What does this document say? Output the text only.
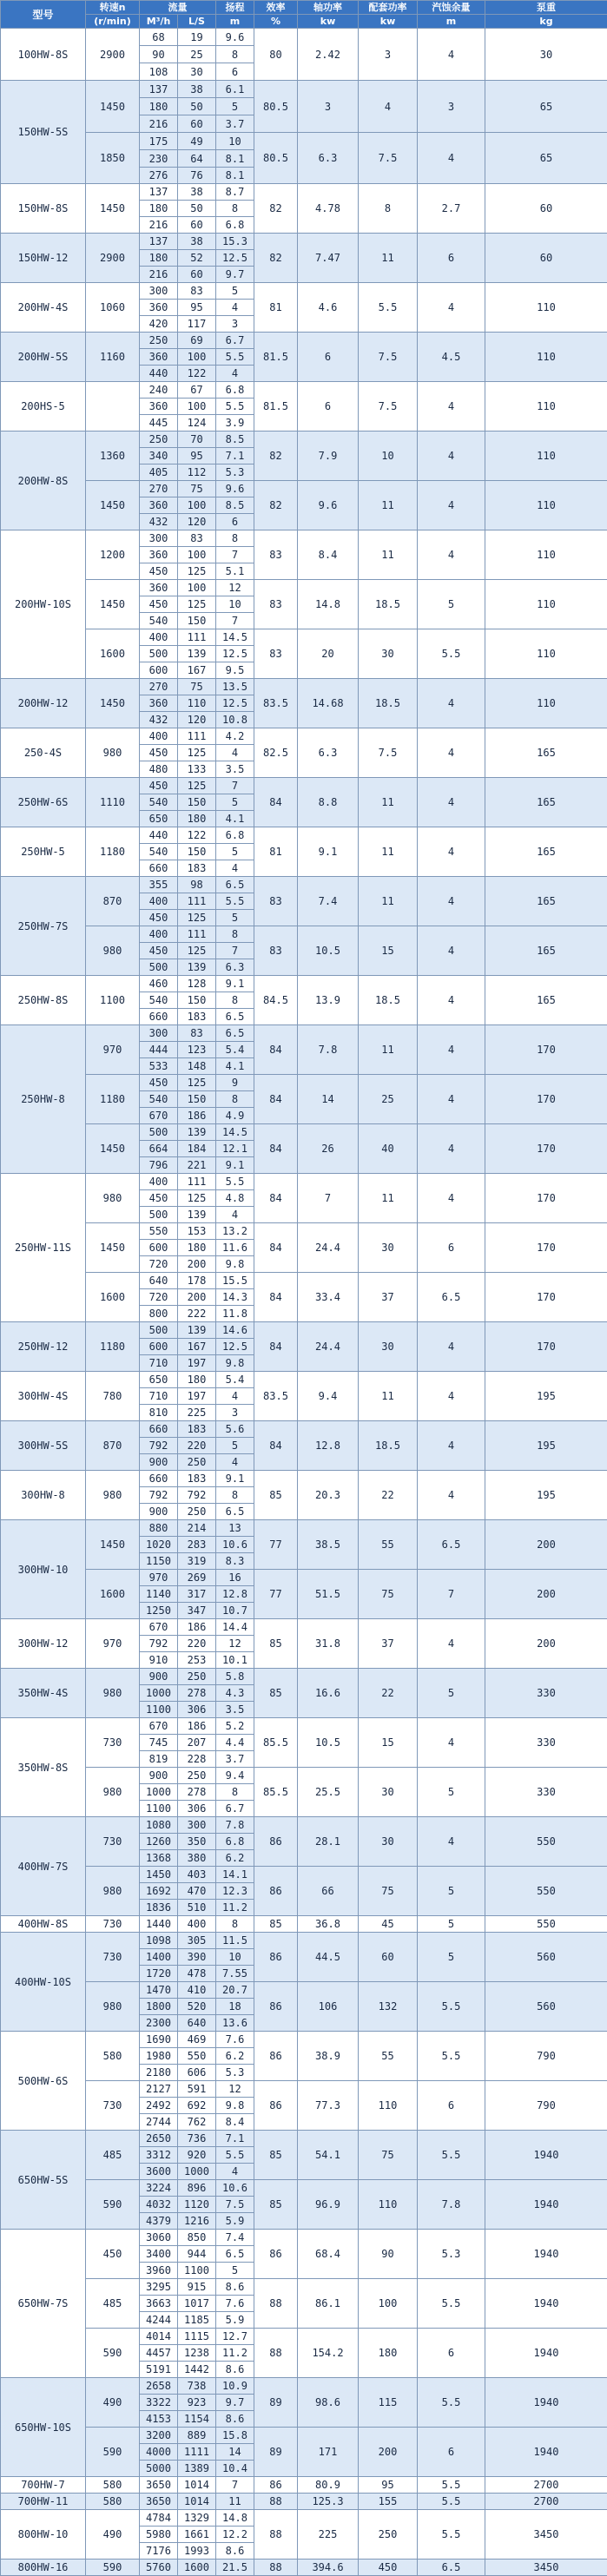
型号	转速n	流量		扬程	效率	轴功率	配套功率	汽蚀余量	泵重
	(r/min)	M³/h	L/S	m	%	kw	kw	m	kg
100HW-8S	2900	68	19	9.6	80	2.42	3	4	30
		90	25	8					
		108	30	6					
150HW-5S	1450	137	38	6.1	80.5	3	4	3	65
		180	50	5					
		216	60	3.7					
	1850	175	49	10	80.5	6.3	7.5	4	65
		230	64	8.1					
		276	76	8.1					
150HW-8S	1450	137	38	8.7	82	4.78	8	2.7	60
		180	50	8					
		216	60	6.8					
150HW-12	2900	137	38	15.3	82	7.47	11	6	60
		180	52	12.5					
		216	60	9.7					
200HW-4S	1060	300	83	5	81	4.6	5.5	4	110
		360	95	4					
		420	117	3					
200HW-5S	1160	250	69	6.7	81.5	6	7.5	4.5	110
		360	100	5.5					
		440	122	4					
200HS-5		240	67	6.8	81.5	6	7.5	4	110
		360	100	5.5					
		445	124	3.9					
200HW-8S	1360	250	70	8.5	82	7.9	10	4	110
		340	95	7.1					
		405	112	5.3					
	1450	270	75	9.6	82	9.6	11	4	110
		360	100	8.5					
		432	120	6					
200HW-10S	1200	300	83	8	83	8.4	11	4	110
		360	100	7					
		450	125	5.1					
	1450	360	100	12	83	14.8	18.5	5	110
		450	125	10					
		540	150	7					
	1600	400	111	14.5	83	20	30	5.5	110
		500	139	12.5					
		600	167	9.5					
200HW-12	1450	270	75	13.5	83.5	14.68	18.5	4	110
		360	110	12.5					
		432	120	10.8					
250-4S	980	400	111	4.2	82.5	6.3	7.5	4	165
		450	125	4					
		480	133	3.5					
250HW-6S	1110	450	125	7	84	8.8	11	4	165
		540	150	5					
		650	180	4.1					
250HW-5	1180	440	122	6.8	81	9.1	11	4	165
		540	150	5					
		660	183	4					
250HW-7S	870	355	98	6.5	83	7.4	11	4	165
		400	111	5.5					
		450	125	5					
	980	400	111	8	83	10.5	15	4	165
		450	125	7					
		500	139	6.3					
250HW-8S	1100	460	128	9.1	84.5	13.9	18.5	4	165
		540	150	8					
		660	183	6.5					
250HW-8	970	300	83	6.5	84	7.8	11	4	170
		444	123	5.4					
		533	148	4.1					
	1180	450	125	9	84	14	25	4	170
		540	150	8					
		670	186	4.9					
	1450	500	139	14.5	84	26	40	4	170
		664	184	12.1					
		796	221	9.1					
250HW-11S	980	400	111	5.5	84	7	11	4	170
		450	125	4.8					
		500	139	4					
	1450	550	153	13.2	84	24.4	30	6	170
		600	180	11.6					
		720	200	9.8					
	1600	640	178	15.5	84	33.4	37	6.5	170
		720	200	14.3					
		800	222	11.8					
250HW-12	1180	500	139	14.6	84	24.4	30	4	170
		600	167	12.5					
		710	197	9.8					
300HW-4S	780	650	180	5.4	83.5	9.4	11	4	195
		710	197	4					
		810	225	3					
300HW-5S	870	660	183	5.6	84	12.8	18.5	4	195
		792	220	5					
		900	250	4					
300HW-8	980	660	183	9.1	85	20.3	22	4	195
		792	792	8					
		900	250	6.5					
300HW-10	1450	880	214	13	77	38.5	55	6.5	200
		1020	283	10.6					
		1150	319	8.3					
	1600	970	269	16	77	51.5	75	7	200
		1140	317	12.8					
		1250	347	10.7					
300HW-12	970	670	186	14.4	85	31.8	37	4	200
		792	220	12					
		910	253	10.1					
350HW-4S	980	900	250	5.8	85	16.6	22	5	330
		1000	278	4.3					
		1100	306	3.5					
350HW-8S	730	670	186	5.2	85.5	10.5	15	4	330
		745	207	4.4					
		819	228	3.7					
	980	900	250	9.4	85.5	25.5	30	5	330
		1000	278	8					
		1100	306	6.7					
400HW-7S	730	1080	300	7.8	86	28.1	30	4	550
		1260	350	6.8					
		1368	380	6.2					
	980	1450	403	14.1	86	66	75	5	550
		1692	470	12.3					
		1836	510	11.2					
400HW-8S	730	1440	400	8	85	36.8	45	5	550
400HW-10S	730	1098	305	11.5	86	44.5	60	5	560
		1400	390	10					
		1720	478	7.55					
	980	1470	410	20.7	86	106	132	5.5	560
		1800	520	18					
		2300	640	13.6					
500HW-6S	580	1690	469	7.6	86	38.9	55	5.5	790
		1980	550	6.2					
		2180	606	5.3					
	730	2127	591	12	86	77.3	110	6	790
		2492	692	9.8					
		2744	762	8.4					
650HW-5S	485	2650	736	7.1	85	54.1	75	5.5	1940
		3312	920	5.5					
		3600	1000	4					
	590	3224	896	10.6	85	96.9	110	7.8	1940
		4032	1120	7.5					
		4379	1216	5.9					
650HW-7S	450	3060	850	7.4	86	68.4	90	5.3	1940
		3400	944	6.5					
		3960	1100	5					
	485	3295	915	8.6	88	86.1	100	5.5	1940
		3663	1017	7.6					
		4244	1185	5.9					
	590	4014	1115	12.7	88	154.2	180	6	1940
		4457	1238	11.2					
		5191	1442	8.6					
650HW-10S	490	2658	738	10.9	89	98.6	115	5.5	1940
		3322	923	9.7					
		4153	1154	8.6					
	590	3200	889	15.8	89	171	200	6	1940
		4000	1111	14					
		5000	1389	10.4					
700HW-7	580	3650	1014	7	86	80.9	95	5.5	2700
700HW-11	580	3650	1014	11	88	125.3	155	5.5	2700
800HW-10	490	4784	1329	14.8	88	225	250	5.5	3450
		5980	1661	12.2					
		7176	1993	8.6					
800HW-16	590	5760	1600	21.5	88	394.6	450	6.5	3450
